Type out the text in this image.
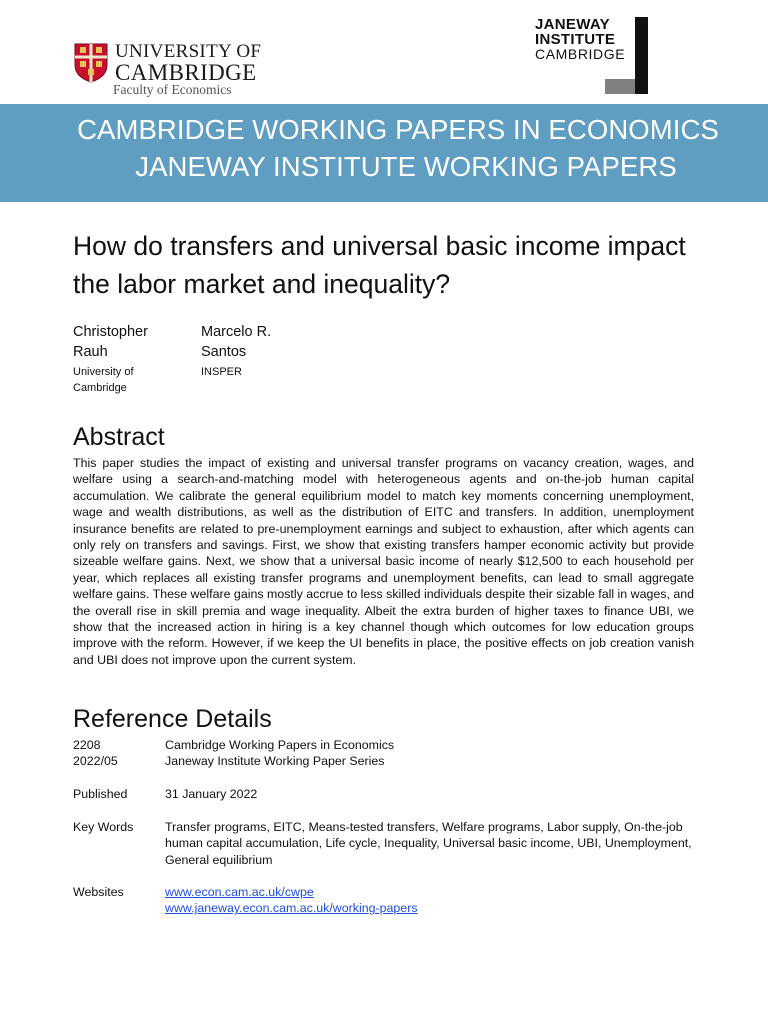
UNIVERSITY OF
CAMBRIDGE
Faculty of Economics
JANEWAY
INSTITUTE
CAMBRIDGE
CAMBRIDGE WORKING PAPERS IN ECONOMICS
JANEWAY INSTITUTE WORKING PAPERS
How do transfers and universal basic income impact the labor market and inequality?
Christopher
Rauh
University of
Cambridge
Marcelo R.
Santos
INSPER
Abstract

This paper studies the impact of existing and universal transfer programs on vacancy creation, wages, and welfare using a search-and-matching model with heterogeneous agents and on-the-job human capital accumulation. We calibrate the general equilibrium model to match key moments concerning unemployment, wage and wealth distributions, as well as the distribution of EITC and transfers. In addition, unemployment insurance benefits are related to pre-unemployment earnings and subject to exhaustion, after which agents can only rely on transfers and savings. First, we show that existing transfers hamper economic activity but provide sizeable welfare gains. Next, we show that a universal basic income of nearly $12,500 to each household per year, which replaces all existing transfer programs and unemployment benefits, can lead to small aggregate welfare gains. These welfare gains mostly accrue to less skilled individuals despite their sizable fall in wages, and the overall rise in skill premia and wage inequality. Albeit the extra burden of higher taxes to finance UBI, we show that the increased action in hiring is a key channel though which outcomes for low education groups improve with the reform. However, if we keep the UI benefits in place, the positive effects on job creation vanish and UBI does not improve upon the current system.

Reference Details
2208	Cambridge Working Papers in Economics
2022/05	Janeway Institute Working Paper Series
Published	31 January 2022
Key Words	Transfer programs, EITC, Means-tested transfers, Welfare programs, Labor supply, On-the-job human capital accumulation, Life cycle, Inequality, Universal basic income, UBI, Unemployment, General equilibrium
Websites	www.econ.cam.ac.uk/cwpe
www.janeway.econ.cam.ac.uk/working-papers
